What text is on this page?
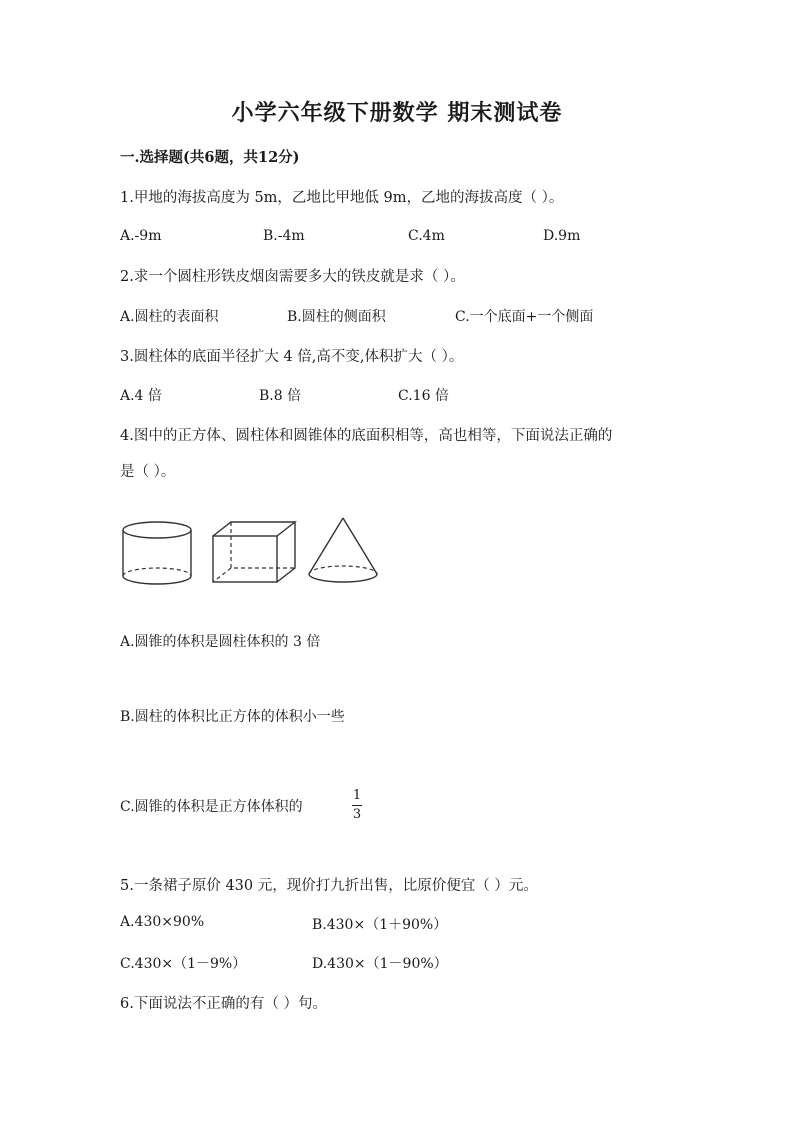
小学六年级下册数学 期末测试卷
一.选择题(共6题，共12分)
1.甲地的海拔高度为 5m，乙地比甲地低 9m，乙地的海拔高度（ ）。
A.-9m	B.-4m	C.4m	D.9m
2.求一个圆柱形铁皮烟囱需要多大的铁皮就是求（ ）。
A.圆柱的表面积	B.圆柱的侧面积	C.一个底面+一个侧面
3.圆柱体的底面半径扩大 4 倍,高不变,体积扩大（ ）。
A.4 倍	B.8 倍	C.16 倍
4.图中的正方体、圆柱体和圆锥体的底面积相等，高也相等，下面说法正确的
是（ ）。
A.圆锥的体积是圆柱体积的 3 倍
B.圆柱的体积比正方体的体积小一些
C.圆锥的体积是正方体体积的
1
3
5.一条裙子原价 430 元，现价打九折出售，比原价便宜（ ）元。
A.430×90%	B.430×（1＋90%）
C.430×（1－9%）	D.430×（1－90%）
6.下面说法不正确的有（ ）句。
